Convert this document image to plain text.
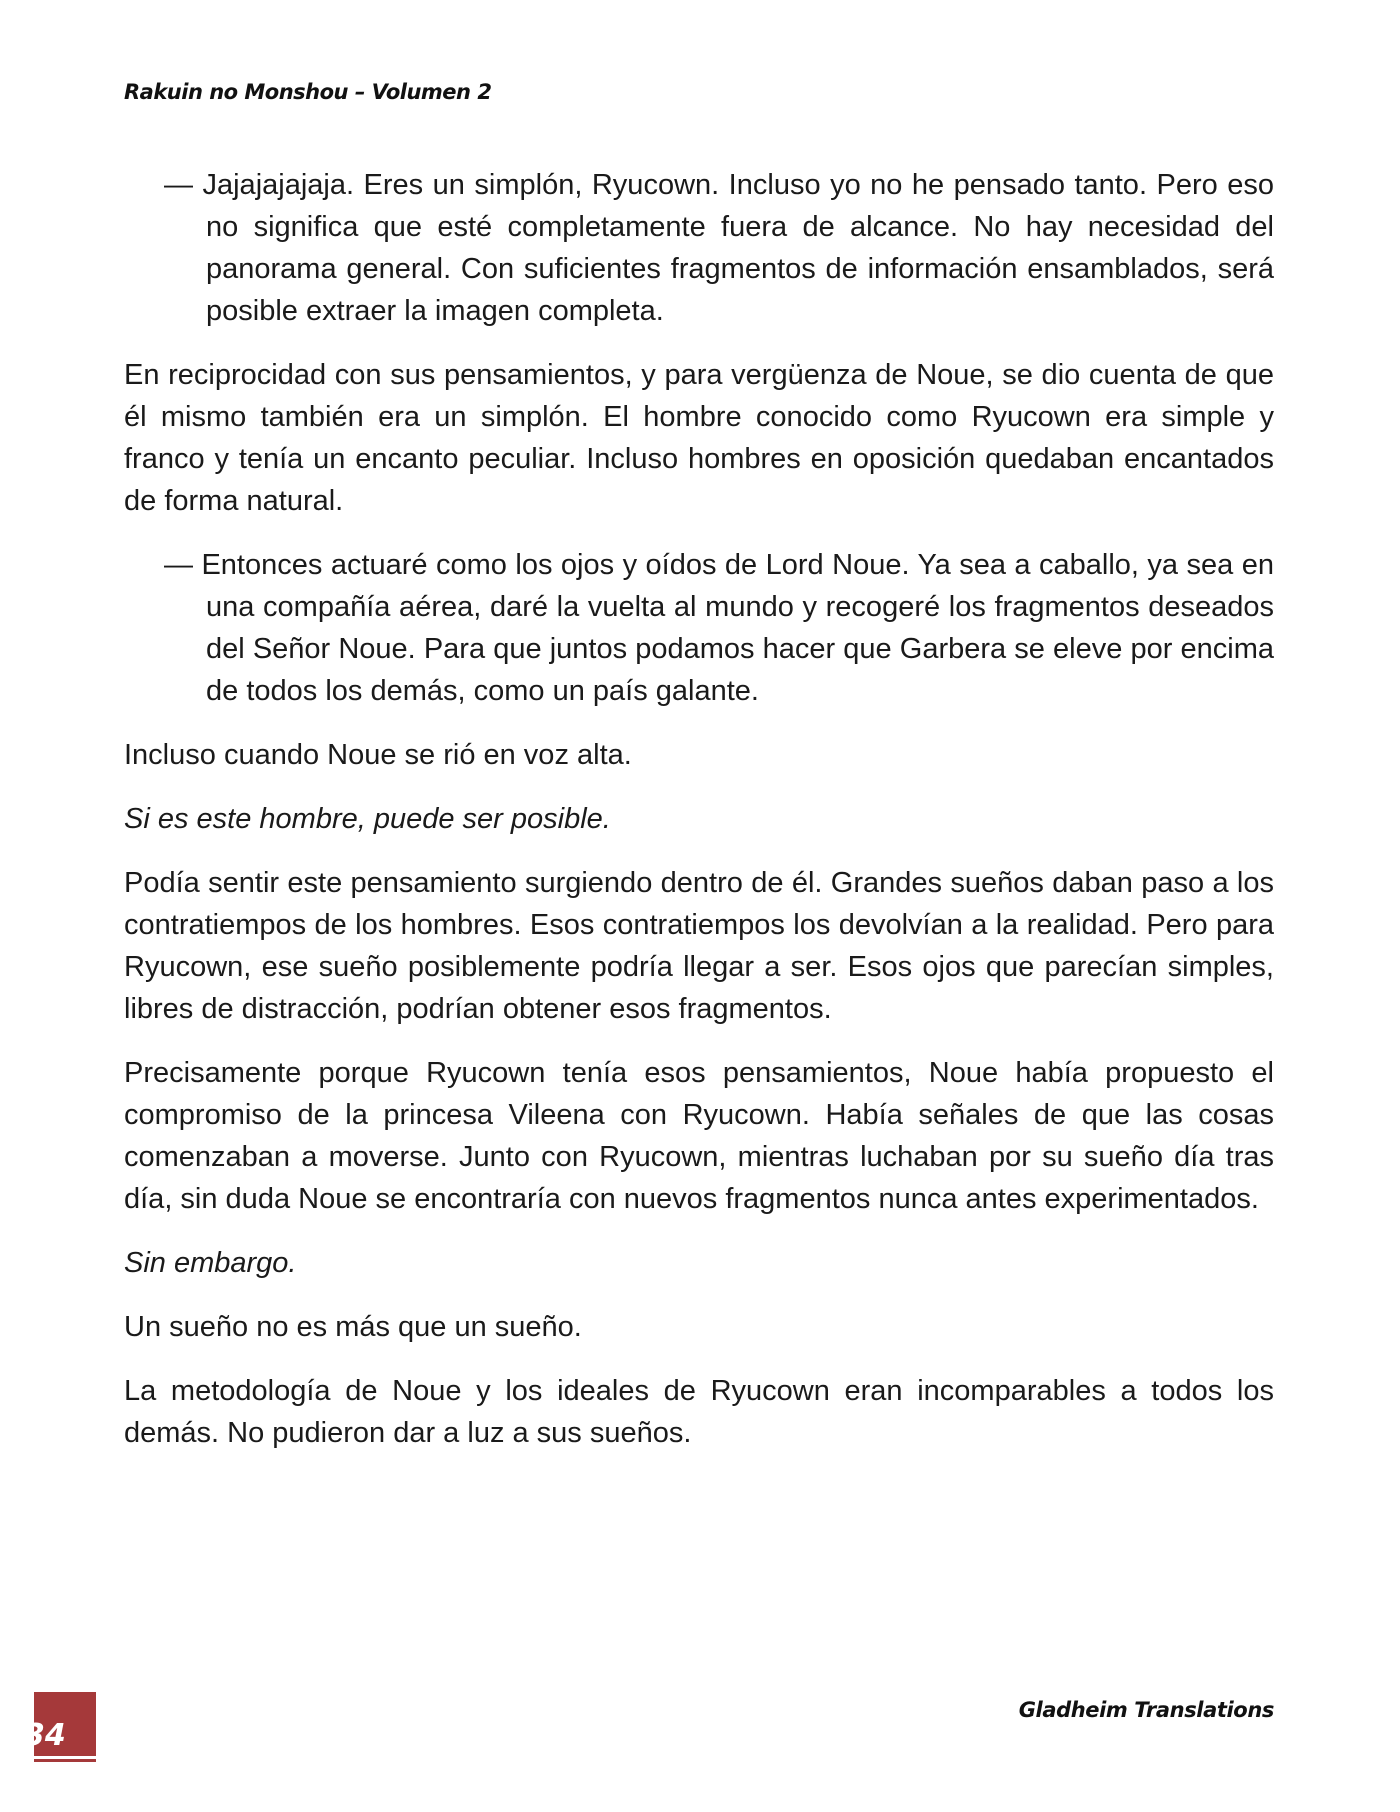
Rakuin no Monshou – Volumen 2

— Jajajajajaja. Eres un simplón, Ryucown. Incluso yo no he pensado tanto. Pero eso no significa que esté completamente fuera de alcance. No hay necesidad del panorama general. Con suficientes fragmentos de información ensamblados, será posible extraer la imagen completa.

En reciprocidad con sus pensamientos, y para vergüenza de Noue, se dio cuenta de que él mismo también era un simplón. El hombre conocido como Ryucown era simple y franco y tenía un encanto peculiar. Incluso hombres en oposición quedaban encantados de forma natural.

— Entonces actuaré como los ojos y oídos de Lord Noue. Ya sea a caballo, ya sea en una compañía aérea, daré la vuelta al mundo y recogeré los fragmentos deseados del Señor Noue. Para que juntos podamos hacer que Garbera se eleve por encima de todos los demás, como un país galante.

Incluso cuando Noue se rió en voz alta.

Si es este hombre, puede ser posible.

Podía sentir este pensamiento surgiendo dentro de él. Grandes sueños daban paso a los contratiempos de los hombres. Esos contratiempos los devolvían a la realidad. Pero para Ryucown, ese sueño posiblemente podría llegar a ser. Esos ojos que parecían simples, libres de distracción, podrían obtener esos fragmentos.

Precisamente porque Ryucown tenía esos pensamientos, Noue había propuesto el compromiso de la princesa Vileena con Ryucown. Había señales de que las cosas comenzaban a moverse. Junto con Ryucown, mientras luchaban por su sueño día tras día, sin duda Noue se encontraría con nuevos fragmentos nunca antes experimentados.

Sin embargo.

Un sueño no es más que un sueño.

La metodología de Noue y los ideales de Ryucown eran incomparables a todos los demás. No pudieron dar a luz a sus sueños.

Gladheim Translations
34
